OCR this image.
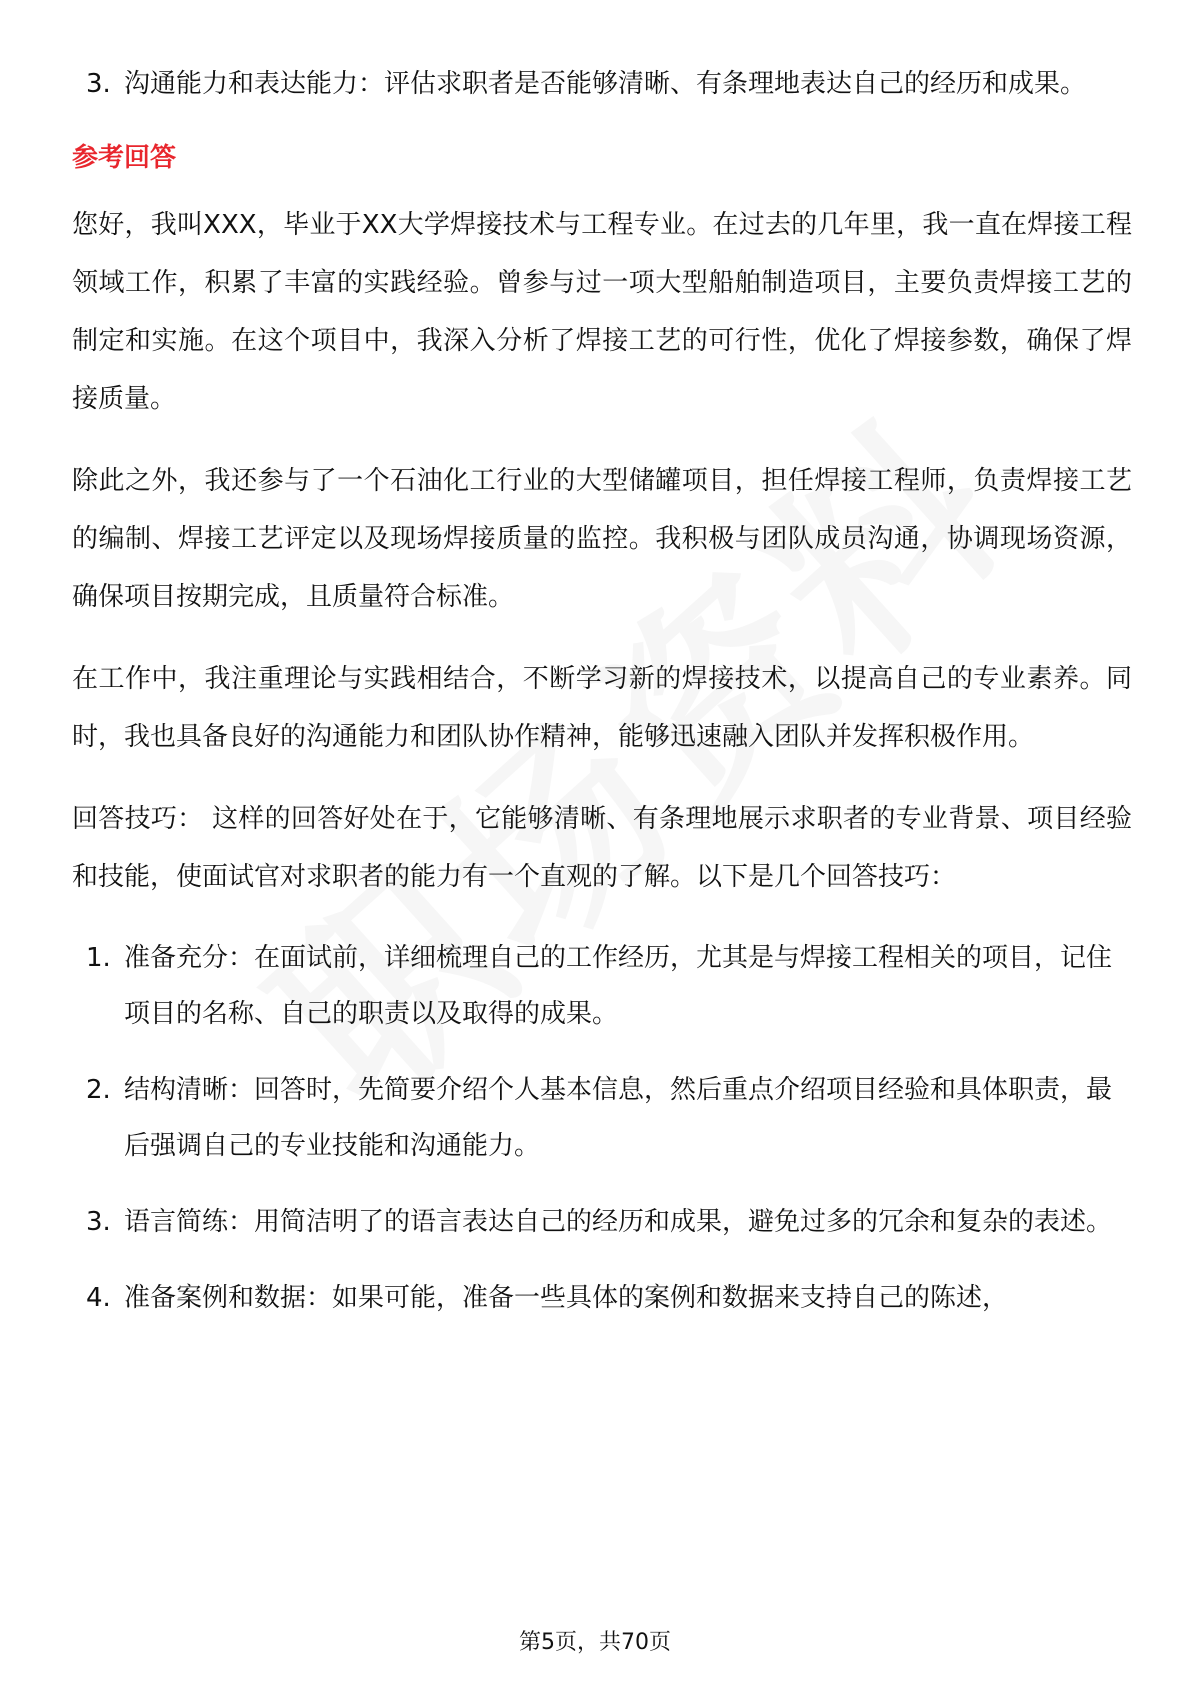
3. 沟通能力和表达能力：评估求职者是否能够清晰、有条理地表达自己的经历和成果。
参考回答
您好，我叫XXX，毕业于XX大学焊接技术与工程专业。在过去的几年里，我一直在焊接工程领域工作，积累了丰富的实践经验。曾参与过一项大型船舶制造项目，主要负责焊接工艺的制定和实施。在这个项目中，我深入分析了焊接工艺的可行性，优化了焊接参数，确保了焊接质量。
除此之外，我还参与了一个石油化工行业的大型储罐项目，担任焊接工程师，负责焊接工艺的编制、焊接工艺评定以及现场焊接质量的监控。我积极与团队成员沟通，协调现场资源，确保项目按期完成，且质量符合标准。
在工作中，我注重理论与实践相结合，不断学习新的焊接技术，以提高自己的专业素养。同时，我也具备良好的沟通能力和团队协作精神，能够迅速融入团队并发挥积极作用。
回答技巧： 这样的回答好处在于，它能够清晰、有条理地展示求职者的专业背景、项目经验和技能，使面试官对求职者的能力有一个直观的了解。以下是几个回答技巧：
1. 准备充分：在面试前，详细梳理自己的工作经历，尤其是与焊接工程相关的项目，记住项目的名称、自己的职责以及取得的成果。
2. 结构清晰：回答时，先简要介绍个人基本信息，然后重点介绍项目经验和具体职责，最后强调自己的专业技能和沟通能力。
3. 语言简练：用简洁明了的语言表达自己的经历和成果，避免过多的冗余和复杂的表述。
4. 准备案例和数据：如果可能，准备一些具体的案例和数据来支持自己的陈述，
第5页，共70页
